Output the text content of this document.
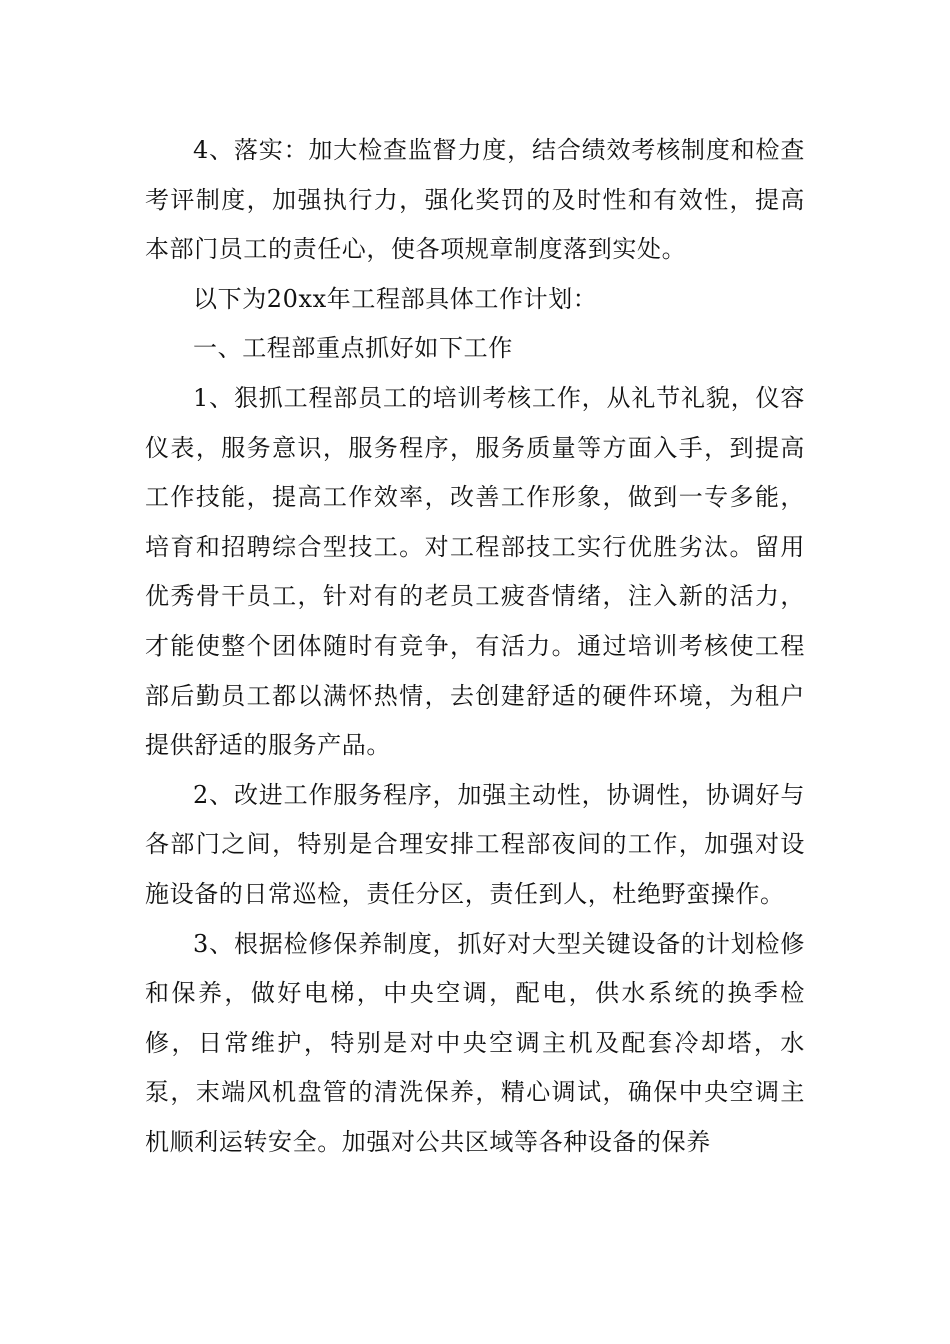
4、落实：加大检查监督力度，结合绩效考核制度和检查考评制度，加强执行力，强化奖罚的及时性和有效性，提高本部门员工的责任心，使各项规章制度落到实处。

以下为20xx年工程部具体工作计划：

一、工程部重点抓好如下工作

1、狠抓工程部员工的培训考核工作，从礼节礼貌，仪容仪表，服务意识，服务程序，服务质量等方面入手，到提高工作技能，提高工作效率，改善工作形象，做到一专多能，培育和招聘综合型技工。对工程部技工实行优胜劣汰。留用优秀骨干员工，针对有的老员工疲沓情绪，注入新的活力，才能使整个团体随时有竞争，有活力。通过培训考核使工程部后勤员工都以满怀热情，去创建舒适的硬件环境，为租户提供舒适的服务产品。

2、改进工作服务程序，加强主动性，协调性，协调好与各部门之间，特别是合理安排工程部夜间的工作，加强对设施设备的日常巡检，责任分区，责任到人，杜绝野蛮操作。

3、根据检修保养制度，抓好对大型关键设备的计划检修和保养，做好电梯，中央空调，配电，供水系统的换季检修，日常维护，特别是对中央空调主机及配套冷却塔，水泵，末端风机盘管的清洗保养，精心调试，确保中央空调主机顺利运转安全。加强对公共区域等各种设备的保养
